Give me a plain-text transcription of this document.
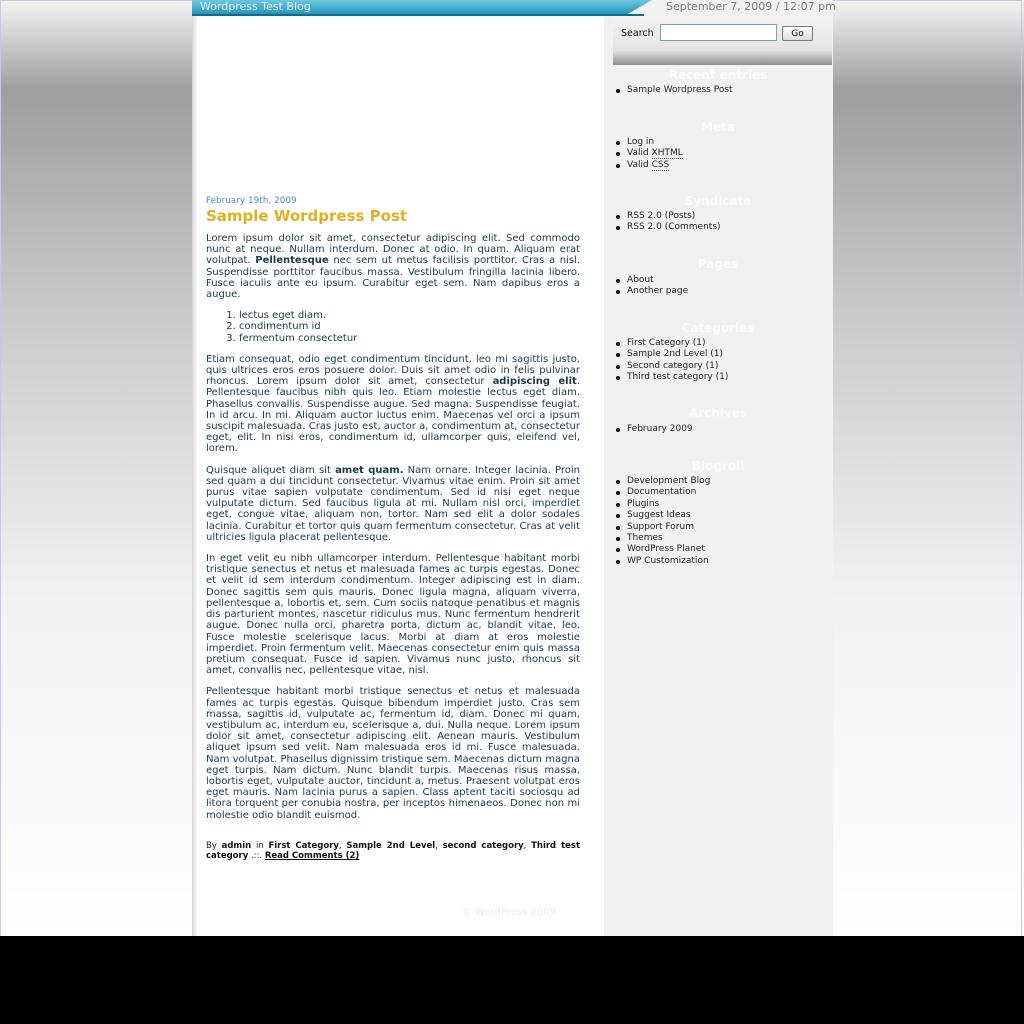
Wordpress Test Blog	September 7, 2009 / 12:07 pm
February 19th, 2009
Sample Wordpress Post

Lorem ipsum dolor sit amet, consectetur adipiscing elit. Sed commodo nunc at neque. Nullam interdum. Donec at odio. In quam. Aliquam erat volutpat. Pellentesque nec sem ut metus facilisis porttitor. Cras a nisl. Suspendisse porttitor faucibus massa. Vestibulum fringilla lacinia libero. Fusce iaculis ante eu ipsum. Curabitur eget sem. Nam dapibus eros a augue.

1. lectus eget diam.
2. condimentum id
3. fermentum consectetur

Etiam consequat, odio eget condimentum tincidunt, leo mi sagittis justo, quis ultrices eros eros posuere dolor. Duis sit amet odio in felis pulvinar rhoncus. Lorem ipsum dolor sit amet, consectetur adipiscing elit. Pellentesque faucibus nibh quis leo. Etiam molestie lectus eget diam. Phasellus convallis. Suspendisse augue. Sed magna. Suspendisse feugiat. In id arcu. In mi. Aliquam auctor luctus enim. Maecenas vel orci a ipsum suscipit malesuada. Cras justo est, auctor a, condimentum at, consectetur eget, elit. In nisi eros, condimentum id, ullamcorper quis, eleifend vel, lorem.

Quisque aliquet diam sit amet quam. Nam ornare. Integer lacinia. Proin sed quam a dui tincidunt consectetur. Vivamus vitae enim. Proin sit amet purus vitae sapien vulputate condimentum. Sed id nisi eget neque vulputate dictum. Sed faucibus ligula at mi. Nullam nisl orci, imperdiet eget, congue vitae, aliquam non, tortor. Nam sed elit a dolor sodales lacinia. Curabitur et tortor quis quam fermentum consectetur. Cras at velit ultricies ligula placerat pellentesque.

In eget velit eu nibh ullamcorper interdum. Pellentesque habitant morbi tristique senectus et netus et malesuada fames ac turpis egestas. Donec et velit id sem interdum condimentum. Integer adipiscing est in diam. Donec sagittis sem quis mauris. Donec ligula magna, aliquam viverra, pellentesque a, lobortis et, sem. Cum sociis natoque penatibus et magnis dis parturient montes, nascetur ridiculus mus. Nunc fermentum hendrerit augue. Donec nulla orci, pharetra porta, dictum ac, blandit vitae, leo. Fusce molestie scelerisque lacus. Morbi at diam at eros molestie imperdiet. Proin fermentum velit. Maecenas consectetur enim quis massa pretium consequat. Fusce id sapien. Vivamus nunc justo, rhoncus sit amet, convallis nec, pellentesque vitae, nisl.

Pellentesque habitant morbi tristique senectus et netus et malesuada fames ac turpis egestas. Quisque bibendum imperdiet justo. Cras sem massa, sagittis id, vulputate ac, fermentum id, diam. Donec mi quam, vestibulum ac, interdum eu, scelerisque a, dui. Nulla neque. Lorem ipsum dolor sit amet, consectetur adipiscing elit. Aenean mauris. Vestibulum aliquet ipsum sed velit. Nam malesuada eros id mi. Fusce malesuada. Nam volutpat. Phasellus dignissim tristique sem. Maecenas dictum magna eget turpis. Nam dictum. Nunc blandit turpis. Maecenas risus massa, lobortis eget, vulputate auctor, tincidunt a, metus. Praesent volutpat eros eget mauris. Nam lacinia purus a sapien. Class aptent taciti sociosqu ad litora torquent per conubia nostra, per inceptos himenaeos. Donec non mi molestie odio blandit euismod.

By admin in First Category, Sample 2nd Level, second category, Third test category .::. Read Comments (2)
© WordPress 2009
Search	Go
Recent entries
Sample Wordpress Post
Meta
Log in
Valid XHTML
Valid CSS
Syndicate
RSS 2.0 (Posts)
RSS 2.0 (Comments)
Pages
About
Another page
Categories
First Category (1)
Sample 2nd Level (1)
Second category (1)
Third test category (1)
Archives
February 2009
Blogroll
Development Blog
Documentation
Plugins
Suggest Ideas
Support Forum
Themes
WordPress Planet
WP Customization
